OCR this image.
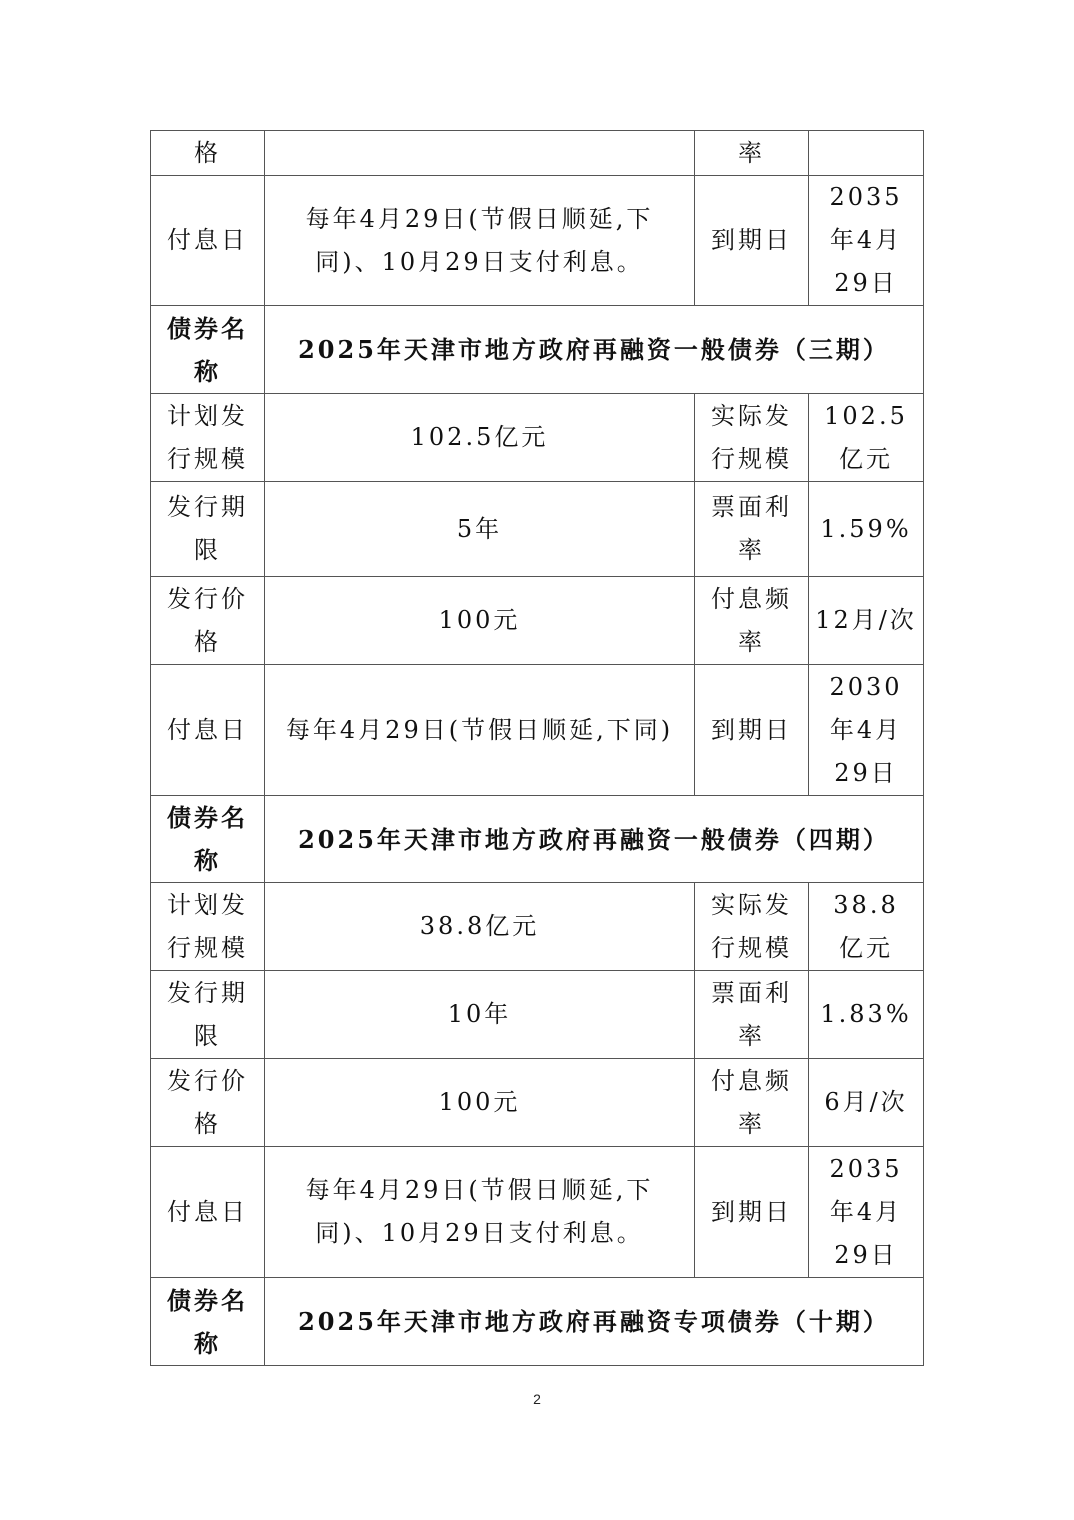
格		率	
付息日	每年4月29日(节假日顺延,下同)、10月29日支付利息。	到期日	2035年4月29日
债券名称	2025年天津市地方政府再融资一般债券（三期）		
计划发行规模	102.5亿元	实际发行规模	102.5亿元
发行期限	5年	票面利率	1.59%
发行价格	100元	付息频率	12月/次
付息日	每年4月29日(节假日顺延,下同)	到期日	2030年4月29日
债券名称	2025年天津市地方政府再融资一般债券（四期）		
计划发行规模	38.8亿元	实际发行规模	38.8亿元
发行期限	10年	票面利率	1.83%
发行价格	100元	付息频率	6月/次
付息日	每年4月29日(节假日顺延,下同)、10月29日支付利息。	到期日	2035年4月29日
债券名称	2025年天津市地方政府再融资专项债券（十期）		
2
